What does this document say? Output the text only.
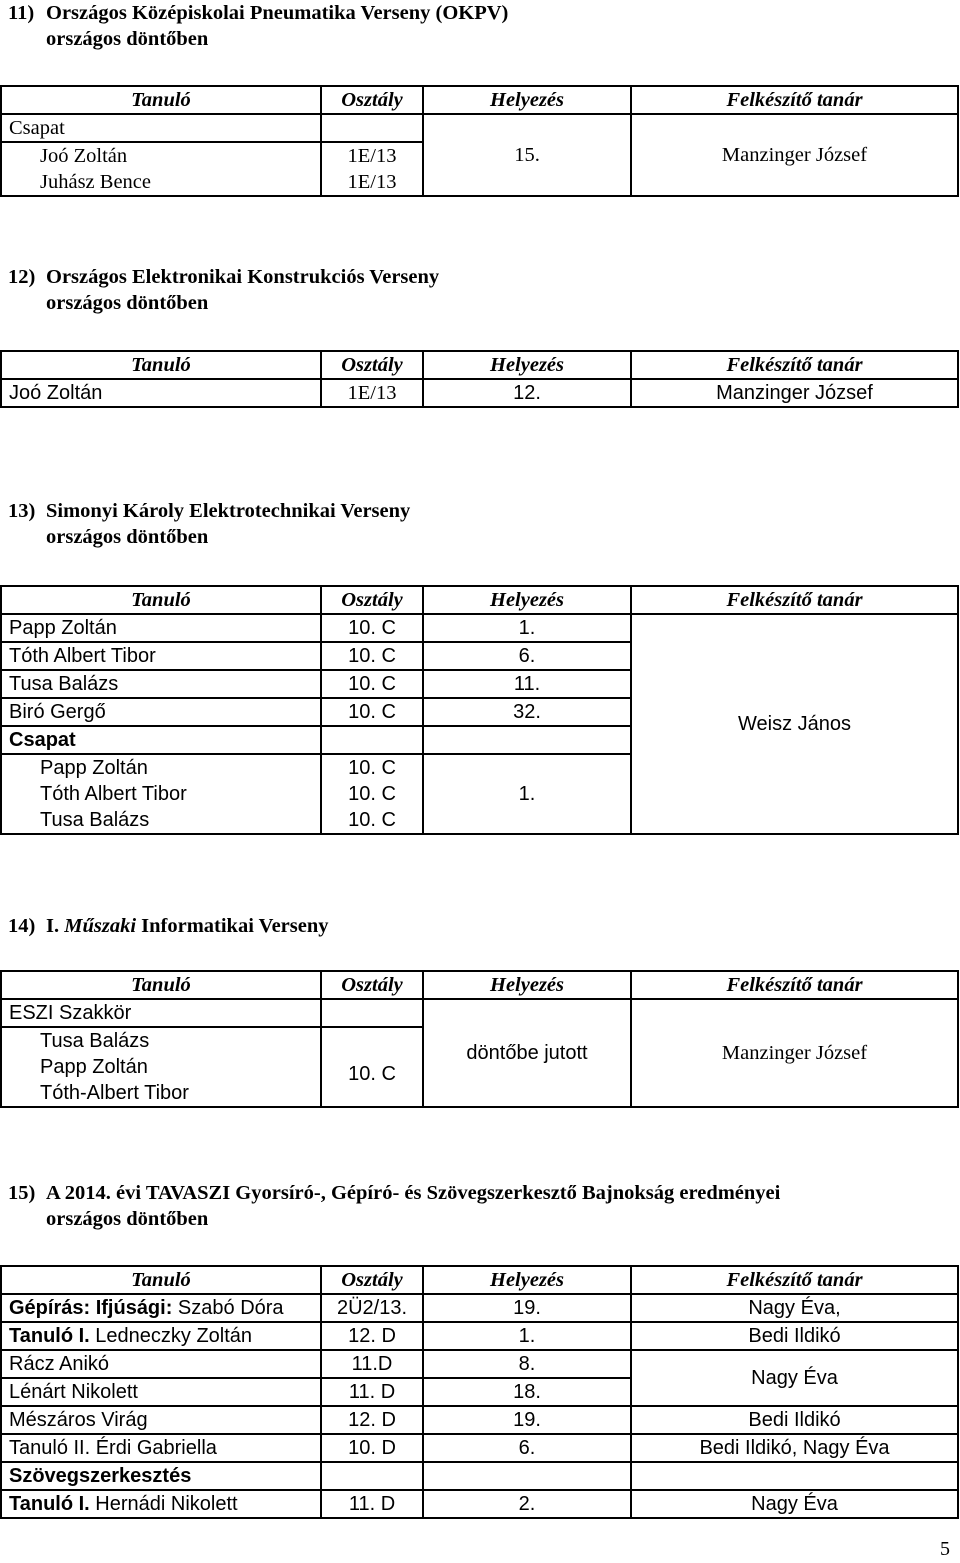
11) Országos Középiskolai Pneumatika Verseny (OKPV)
országos döntőben
Tanuló	Osztály	Helyezés	Felkészítő tanár
Csapat		15.	Manzinger József
Joó Zoltán	1E/13		
Juhász Bence	1E/13		
12) Országos Elektronikai Konstrukciós Verseny
országos döntőben
Tanuló	Osztály	Helyezés	Felkészítő tanár
Joó Zoltán	1E/13	12.	Manzinger József
13) Simonyi Károly Elektrotechnikai Verseny
országos döntőben
Tanuló	Osztály	Helyezés	Felkészítő tanár
Papp Zoltán	10. C	1.	Weisz János
Tóth Albert Tibor	10. C	6.	
Tusa Balázs	10. C	11.	
Biró Gergő	10. C	32.	
Csapat			
Papp Zoltán	10. C	1.	
Tóth Albert Tibor	10. C		
Tusa Balázs	10. C		
14) I. Műszaki Informatikai Verseny
Tanuló	Osztály	Helyezés	Felkészítő tanár
ESZI Szakkör		döntőbe jutott	Manzinger József
Tusa Balázs	10. C		
Papp Zoltán			
Tóth-Albert Tibor			
15) A 2014. évi TAVASZI Gyorsíró-, Gépíró- és Szövegszerkesztő Bajnokság eredményei
országos döntőben
Tanuló	Osztály	Helyezés	Felkészítő tanár
Gépírás: Ifjúsági: Szabó Dóra	2Ü2/13.	19.	Nagy Éva,
Tanuló I. Ledneczky Zoltán	12. D	1.	Bedi Ildikó
Rácz Anikó	11.D	8.	Nagy Éva
Lénárt Nikolett	11. D	18.	
Mészáros Virág	12. D	19.	Bedi Ildikó
Tanuló II. Érdi Gabriella	10. D	6.	Bedi Ildikó, Nagy Éva
Szövegszerkesztés			
Tanuló I. Hernádi Nikolett	11. D	2.	Nagy Éva
5
